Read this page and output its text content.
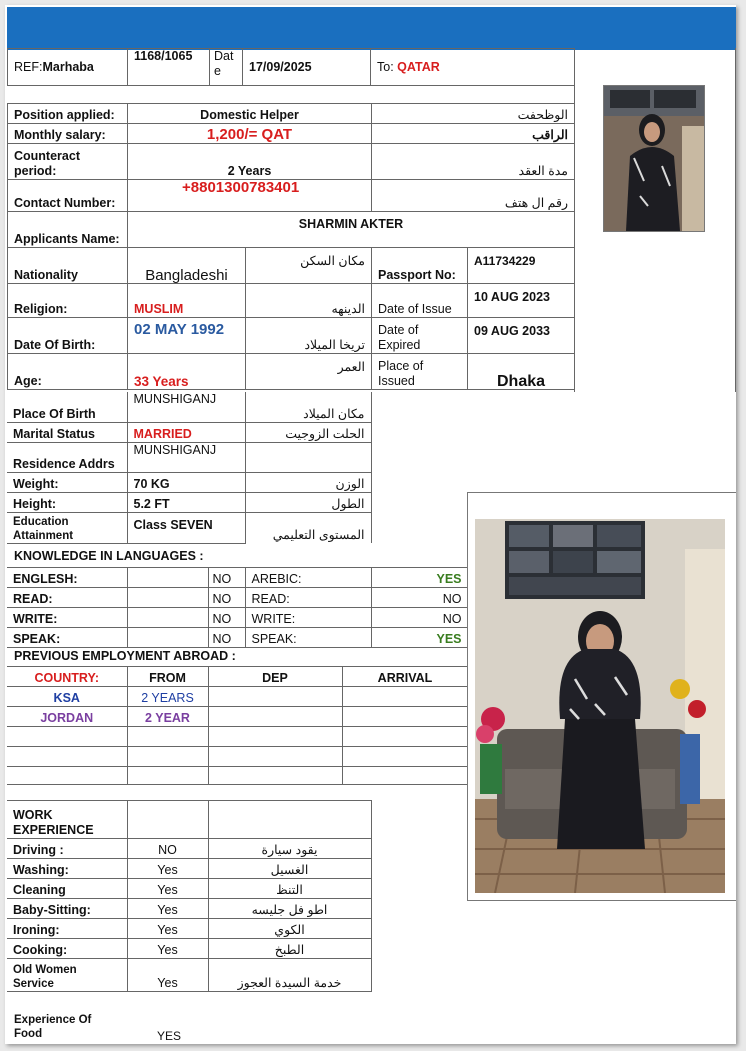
REF:Marhaba	1168/1065	Date	17/09/2025	To: QATAR
Position applied:	Domestic Helper		الوظحفت	
Monthly salary:	1,200/= QAT		الراقب	
Counteract period:	2 Years		مدة العقد	
Contact Number:	+8801300783401		رقم ال هتف	
Applicants Name:	SHARMIN AKTER			
Nationality	Bangladeshi	مكان السكن	Passport No:	A11734229
Religion:	MUSLIM	الدينهه	Date of Issue	10 AUG 2023
Date Of Birth:	02 MAY 1992	تريخا الميلاد	Date of Expired	09 AUG 2033
Age:	33 Years	العمر	Place of Issued	Dhaka
Place Of Birth	MUNSHIGANJ	مكان الميلاد
Marital Status	MARRIED	الحلت الزوجيت
Residence Addrs	MUNSHIGANJ	
Weight:	70 KG	الوزن
Height:	5.2 FT	الطول
Education Attainment	Class SEVEN	المستوى التعليمي
KNOWLEDGE IN LANGUAGES :
ENGLESH:		NO	AREBIC:	YES
READ:		NO	READ:	NO
WRITE:		NO	WRITE:	NO
SPEAK:		NO	SPEAK:	YES
PREVIOUS EMPLOYMENT ABROAD :
COUNTRY:	FROM	DEP	ARRIVAL
KSA	2 YEARS		
JORDAN	2 YEAR		

WORK EXPERIENCE		
Driving :	NO	يقود سيارة
Washing:	Yes	الغسيل
Cleaning	Yes	التنظ
Baby-Sitting:	Yes	اطو فل جليسه
Ironing:	Yes	الكوي
Cooking:	Yes	الطبخ
Old Women Service	Yes	خدمة السيدة العجوز
Experience Of Food	YES
